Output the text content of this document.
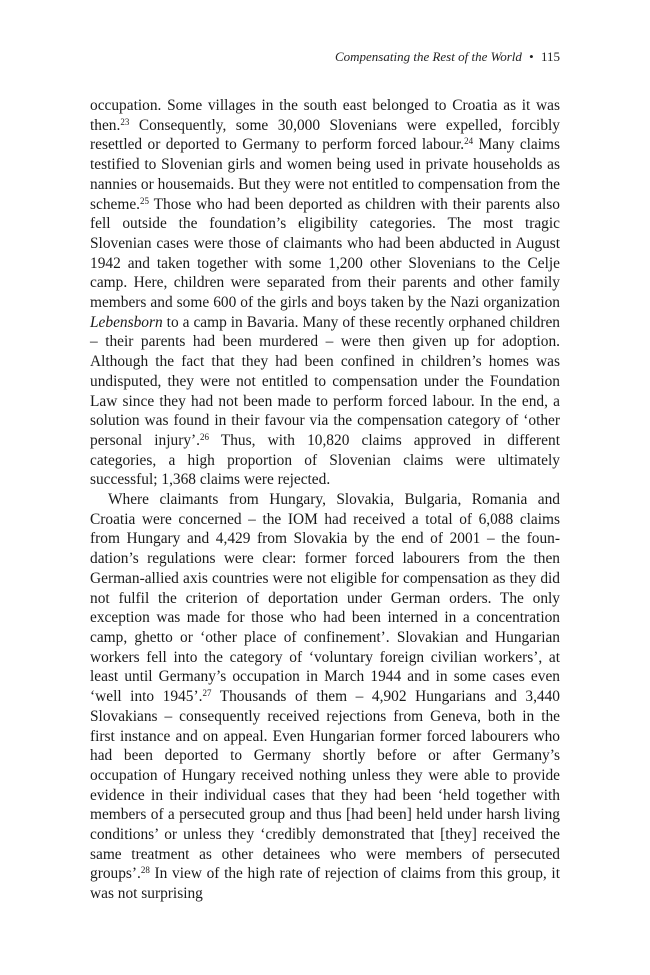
Compensating the Rest of the World • 115

occupation. Some villages in the south east belonged to Croatia as it was then.$^{23}$ Consequently, some 30,000 Slovenians were expelled, forcibly resettled or deported to Germany to perform forced labour.$^{24}$ Many claims testified to Slovenian girls and women being used in private households as nannies or housemaids. But they were not entitled to compensation from the scheme.$^{25}$ Those who had been deported as children with their parents also fell outside the foundation’s eligibility categories. The most tragic Slovenian cases were those of claimants who had been abducted in August 1942 and taken together with some 1,200 other Slovenians to the Celje camp. Here, children were separated from their parents and other family members and some 600 of the girls and boys taken by the Nazi organization Lebensborn to a camp in Bavaria. Many of these recently orphaned children – their parents had been murdered – were then given up for adoption. Although the fact that they had been confined in children’s homes was undisputed, they were not entitled to compensation under the Foundation Law since they had not been made to perform forced labour. In the end, a solution was found in their favour via the compensation category of ‘other personal injury’.$^{26}$ Thus, with 10,820 claims approved in different categories, a high proportion of Slovenian claims were ultimately successful; 1,368 claims were rejected.

Where claimants from Hungary, Slovakia, Bulgaria, Romania and Croatia were concerned – the IOM had received a total of 6,088 claims from Hungary and 4,429 from Slovakia by the end of 2001 – the foundation’s regulations were clear: former forced labourers from the then German-allied axis countries were not eligible for compensation as they did not fulfil the criterion of deportation under German orders. The only exception was made for those who had been interned in a concentration camp, ghetto or ‘other place of confinement’. Slovakian and Hungarian workers fell into the category of ‘voluntary foreign civilian workers’, at least until Germany’s occupation in March 1944 and in some cases even ‘well into 1945’.$^{27}$ Thousands of them – 4,902 Hungarians and 3,440 Slovakians – consequently received rejections from Geneva, both in the first instance and on appeal. Even Hungarian former forced labourers who had been deported to Germany shortly before or after Germany’s occupation of Hungary received nothing unless they were able to provide evidence in their individual cases that they had been ‘held together with members of a persecuted group and thus [had been] held under harsh living conditions’ or unless they ‘credibly demonstrated that [they] received the same treatment as other detainees who were members of persecuted groups’.$^{28}$ In view of the high rate of rejection of claims from this group, it was not surprising
